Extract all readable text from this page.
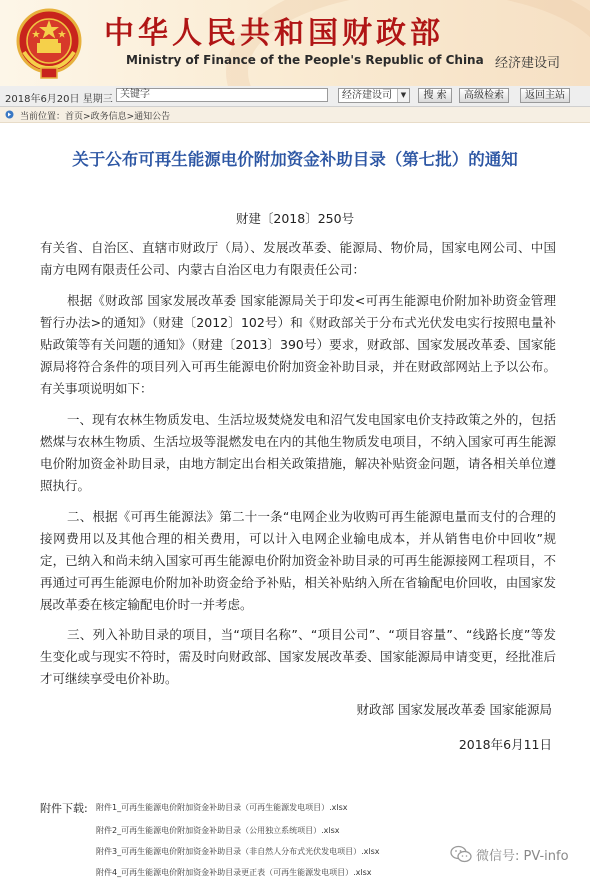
中华人民共和国财政部
Ministry of Finance of the People's Republic of China 经济建设司
2018年6月20日 星期三 关键字	经济建设司	▼	搜 索	高级检索	返回主站
当前位置：首页>政务信息>通知公告
关于公布可再生能源电价附加资金补助目录（第七批）的通知
财建〔2018〕250号

有关省、自治区、直辖市财政厅（局）、发展改革委、能源局、物价局，国家电网公司、中国南方电网有限责任公司、内蒙古自治区电力有限责任公司：

根据《财政部 国家发展改革委 国家能源局关于印发<可再生能源电价附加补助资金管理暂行办法>的通知》（财建〔2012〕102号）和《财政部关于分布式光伏发电实行按照电量补贴政策等有关问题的通知》（财建〔2013〕390号）要求，财政部、国家发展改革委、国家能源局将符合条件的项目列入可再生能源电价附加资金补助目录，并在财政部网站上予以公布。有关事项说明如下：

一、现有农林生物质发电、生活垃圾焚烧发电和沼气发电国家电价支持政策之外的，包括燃煤与农林生物质、生活垃圾等混燃发电在内的其他生物质发电项目，不纳入国家可再生能源电价附加资金补助目录，由地方制定出台相关政策措施，解决补贴资金问题，请各相关单位遵照执行。

二、根据《可再生能源法》第二十一条“电网企业为收购可再生能源电量而支付的合理的接网费用以及其他合理的相关费用，可以计入电网企业输电成本，并从销售电价中回收”规定，已纳入和尚未纳入国家可再生能源电价附加资金补助目录的可再生能源接网工程项目，不再通过可再生能源电价附加补助资金给予补贴，相关补贴纳入所在省输配电价回收，由国家发展改革委在核定输配电价时一并考虑。

三、列入补助目录的项目，当“项目名称”、“项目公司”、“项目容量”、“线路长度”等发生变化或与现实不符时，需及时向财政部、国家发展改革委、国家能源局申请变更，经批准后才可继续享受电价补助。

财政部 国家发展改革委 国家能源局
2018年6月11日
附件下载: 附件1_可再生能源电价附加资金补助目录（可再生能源发电项目）.xlsx
附件2_可再生能源电价附加资金补助目录（公用独立系统项目）.xlsx
附件3_可再生能源电价附加资金补助目录（非自然人分布式光伏发电项目）.xlsx
附件4_可再生能源电价附加资金补助目录更正表（可再生能源发电项目）.xlsx
微信号: PV-info
